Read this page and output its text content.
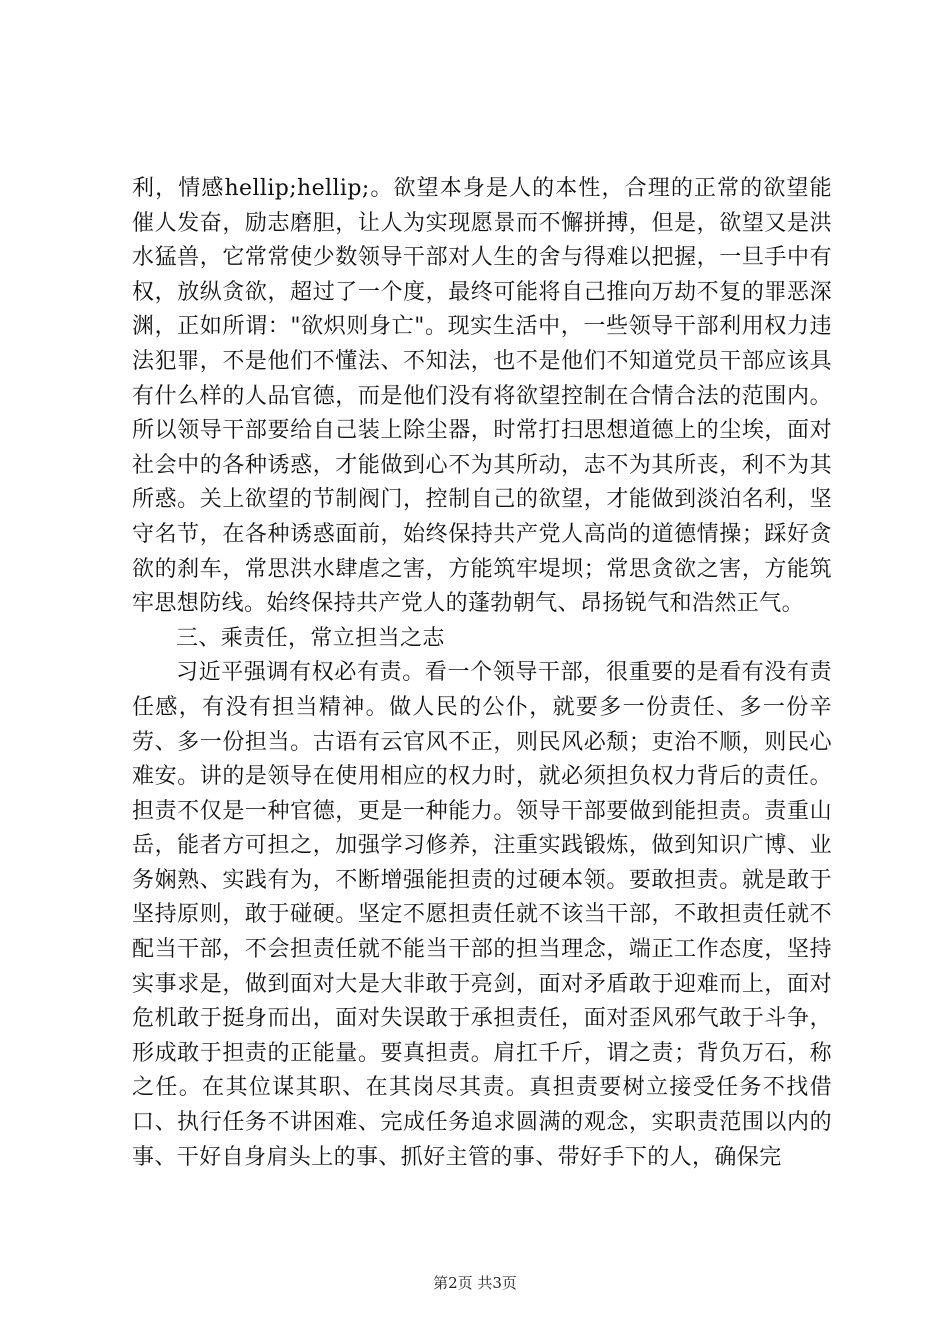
利，情感hellip;hellip;。欲望本身是人的本性，合理的正常的欲望能催人发奋，励志磨胆，让人为实现愿景而不懈拼搏，但是，欲望又是洪水猛兽，它常常使少数领导干部对人生的舍与得难以把握，一旦手中有权，放纵贪欲，超过了一个度，最终可能将自己推向万劫不复的罪恶深渊，正如所谓："欲炽则身亡"。现实生活中，一些领导干部利用权力违法犯罪，不是他们不懂法、不知法，也不是他们不知道党员干部应该具有什么样的人品官德，而是他们没有将欲望控制在合情合法的范围内。所以领导干部要给自己装上除尘器，时常打扫思想道德上的尘埃，面对社会中的各种诱惑，才能做到心不为其所动，志不为其所丧，利不为其所惑。关上欲望的节制阀门，控制自己的欲望，才能做到淡泊名利，坚守名节，在各种诱惑面前，始终保持共产党人高尚的道德情操；踩好贪欲的刹车，常思洪水肆虐之害，方能筑牢堤坝；常思贪欲之害，方能筑牢思想防线。始终保持共产党人的蓬勃朝气、昂扬锐气和浩然正气。

三、乘责任，常立担当之志

习近平强调有权必有责。看一个领导干部，很重要的是看有没有责任感，有没有担当精神。做人民的公仆，就要多一份责任、多一份辛劳、多一份担当。古语有云官风不正，则民风必颓；吏治不顺，则民心难安。讲的是领导在使用相应的权力时，就必须担负权力背后的责任。担责不仅是一种官德，更是一种能力。领导干部要做到能担责。责重山岳，能者方可担之，加强学习修养，注重实践锻炼，做到知识广博、业务娴熟、实践有为，不断增强能担责的过硬本领。要敢担责。就是敢于坚持原则，敢于碰硬。坚定不愿担责任就不该当干部，不敢担责任就不配当干部，不会担责任就不能当干部的担当理念，端正工作态度，坚持实事求是，做到面对大是大非敢于亮剑，面对矛盾敢于迎难而上，面对危机敢于挺身而出，面对失误敢于承担责任，面对歪风邪气敢于斗争，形成敢于担责的正能量。要真担责。肩扛千斤，谓之责；背负万石，称之任。在其位谋其职、在其岗尽其责。真担责要树立接受任务不找借口、执行任务不讲困难、完成任务追求圆满的观念，实职责范围以内的事、干好自身肩头上的事、抓好主管的事、带好手下的人，确保完

第2页 共3页
